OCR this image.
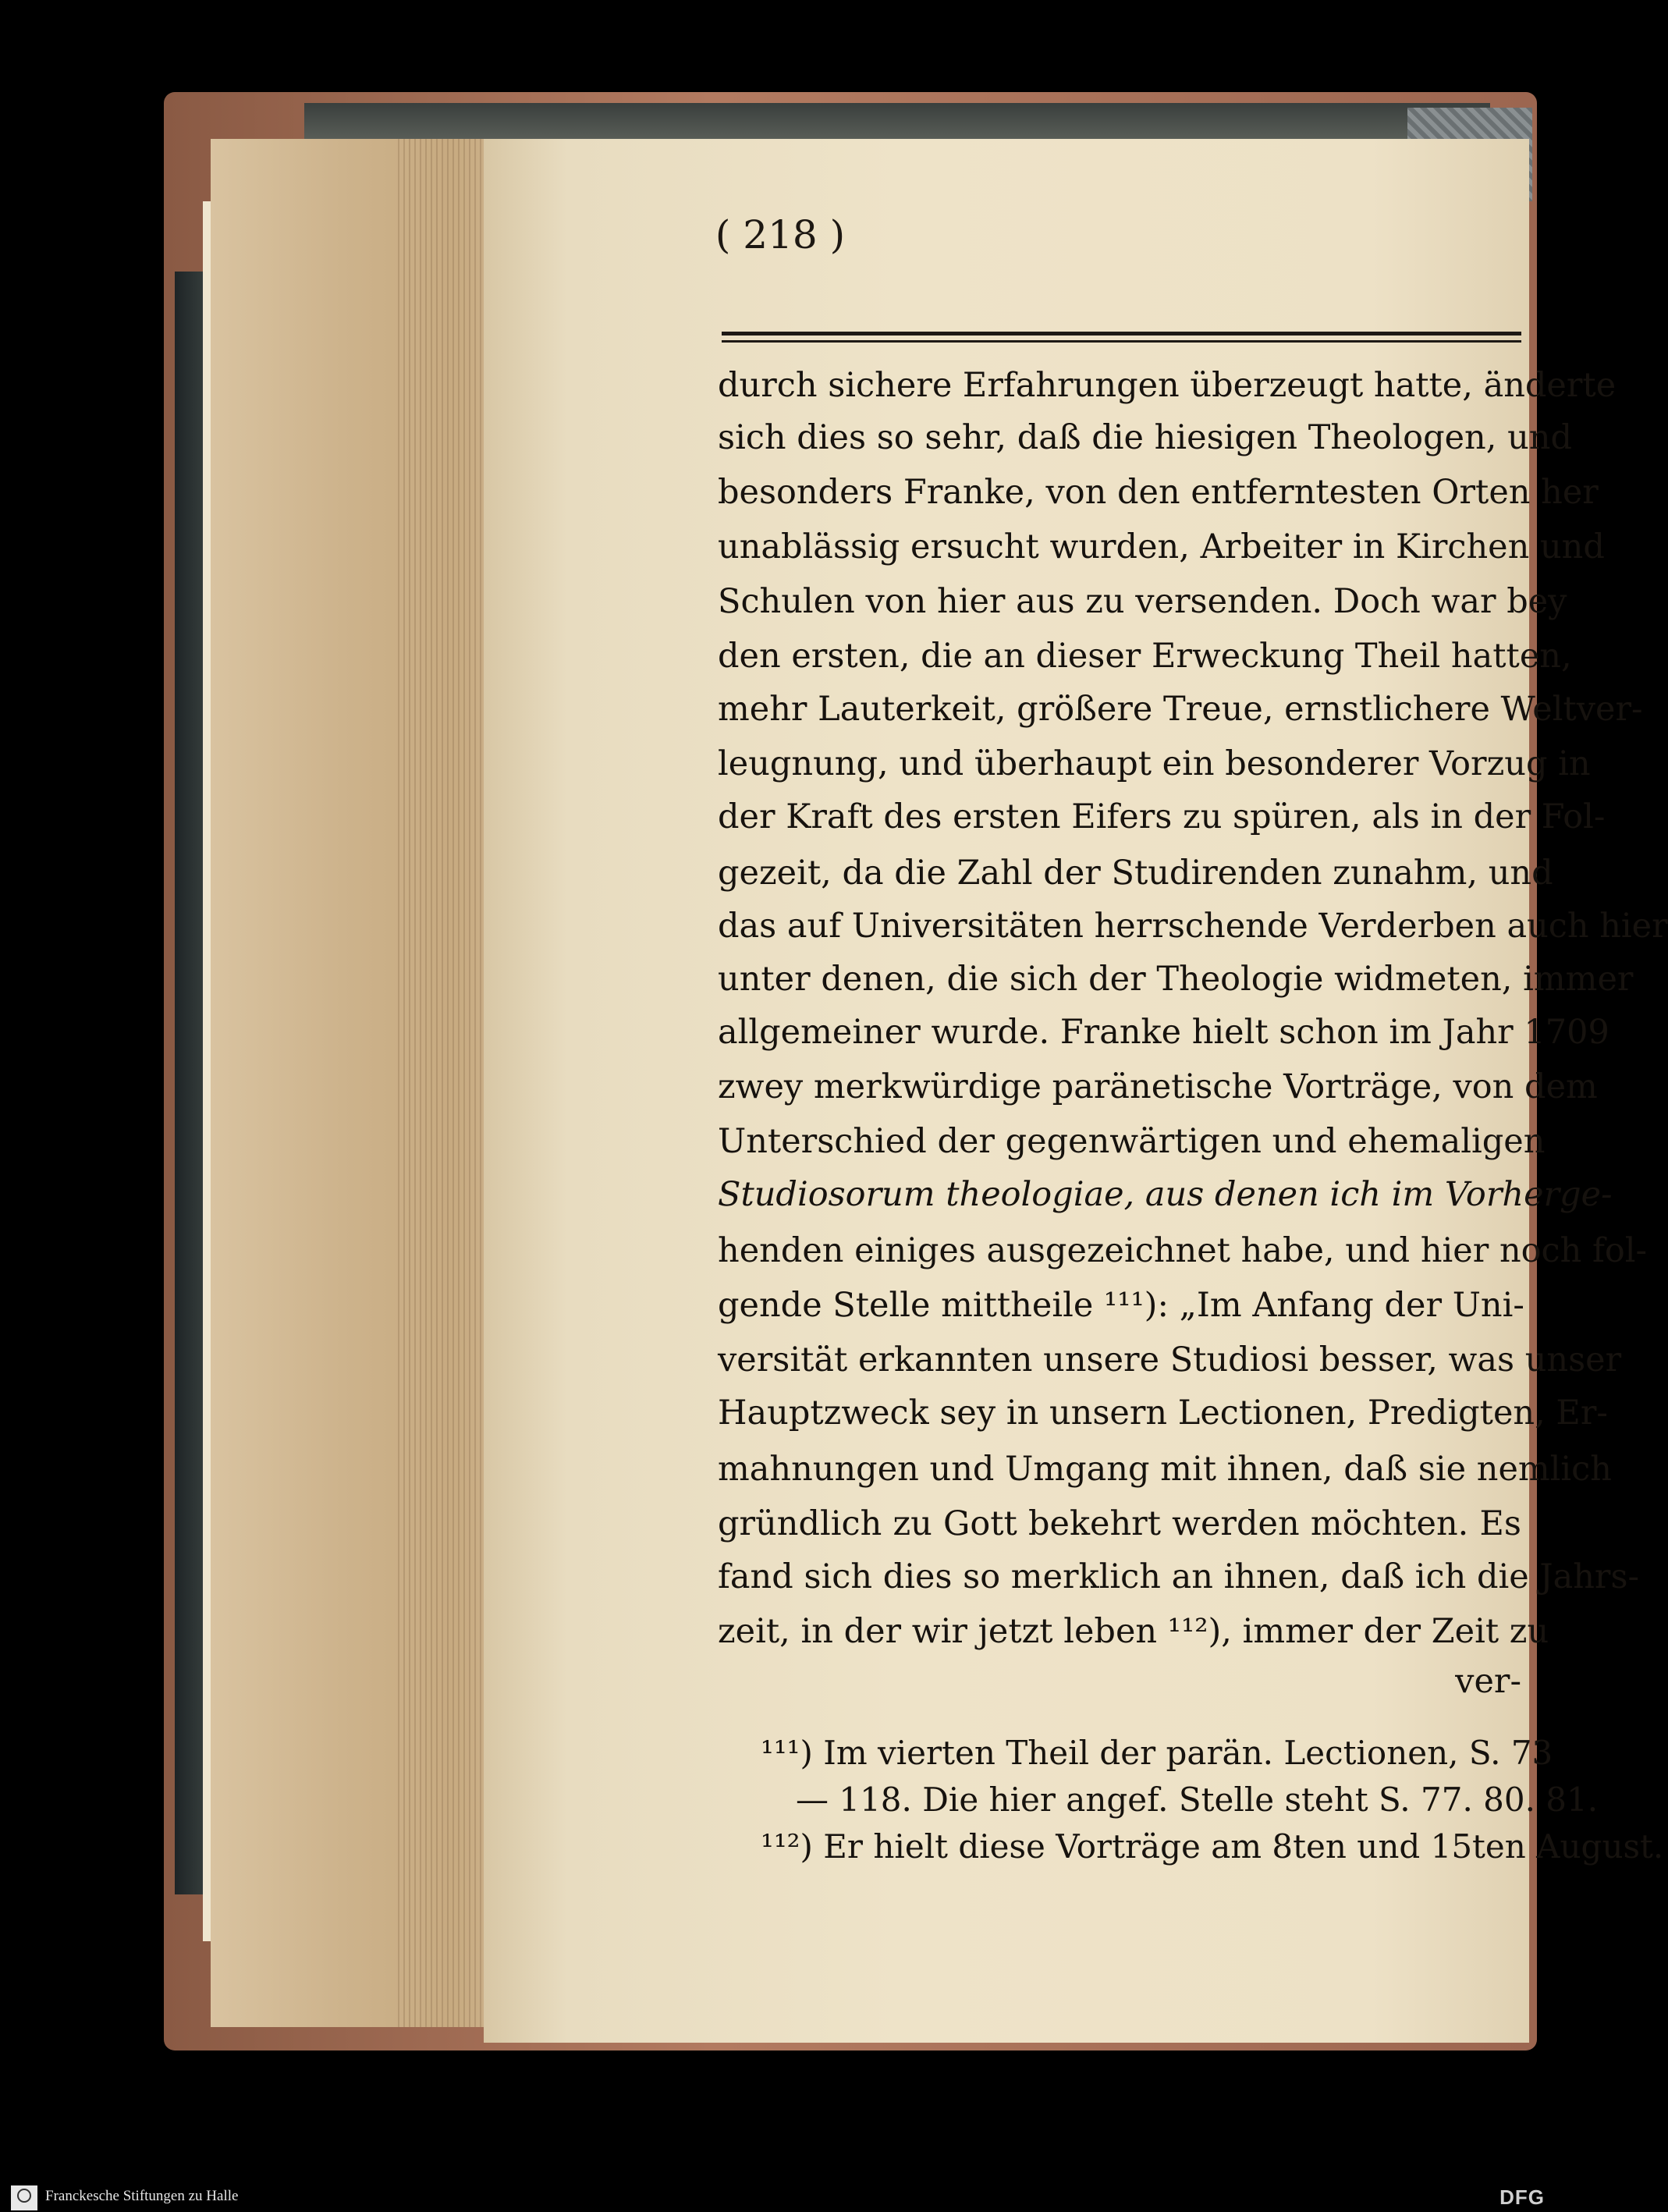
( 218 )
durch sichere Erfahrungen überzeugt hatte, änderte
sich dies so sehr, daß die hiesigen Theologen, und
besonders Franke, von den entferntesten Orten her
unablässig ersucht wurden, Arbeiter in Kirchen und
Schulen von hier aus zu versenden. Doch war bey
den ersten, die an dieser Erweckung Theil hatten,
mehr Lauterkeit, größere Treue, ernstlichere Weltver-
leugnung, und überhaupt ein besonderer Vorzug in
der Kraft des ersten Eifers zu spüren, als in der Fol-
gezeit, da die Zahl der Studirenden zunahm, und
das auf Universitäten herrschende Verderben auch hier
unter denen, die sich der Theologie widmeten, immer
allgemeiner wurde. Franke hielt schon im Jahr 1709
zwey merkwürdige paränetische Vorträge, von dem
Unterschied der gegenwärtigen und ehemaligen
Studiosorum theologiae, aus denen ich im Vorherge-
henden einiges ausgezeichnet habe, und hier noch fol-
gende Stelle mittheile ¹¹¹): „Im Anfang der Uni-
versität erkannten unsere Studiosi besser, was unser
Hauptzweck sey in unsern Lectionen, Predigten, Er-
mahnungen und Umgang mit ihnen, daß sie nemlich
gründlich zu Gott bekehrt werden möchten. Es
fand sich dies so merklich an ihnen, daß ich die Jahrs-
zeit, in der wir jetzt leben ¹¹²), immer der Zeit zu
ver-
¹¹¹) Im vierten Theil der parän. Lectionen, S. 73
— 118. Die hier angef. Stelle steht S. 77. 80. 81.
¹¹²) Er hielt diese Vorträge am 8ten und 15ten August.
Franckesche Stiftungen zu Halle	DFG
